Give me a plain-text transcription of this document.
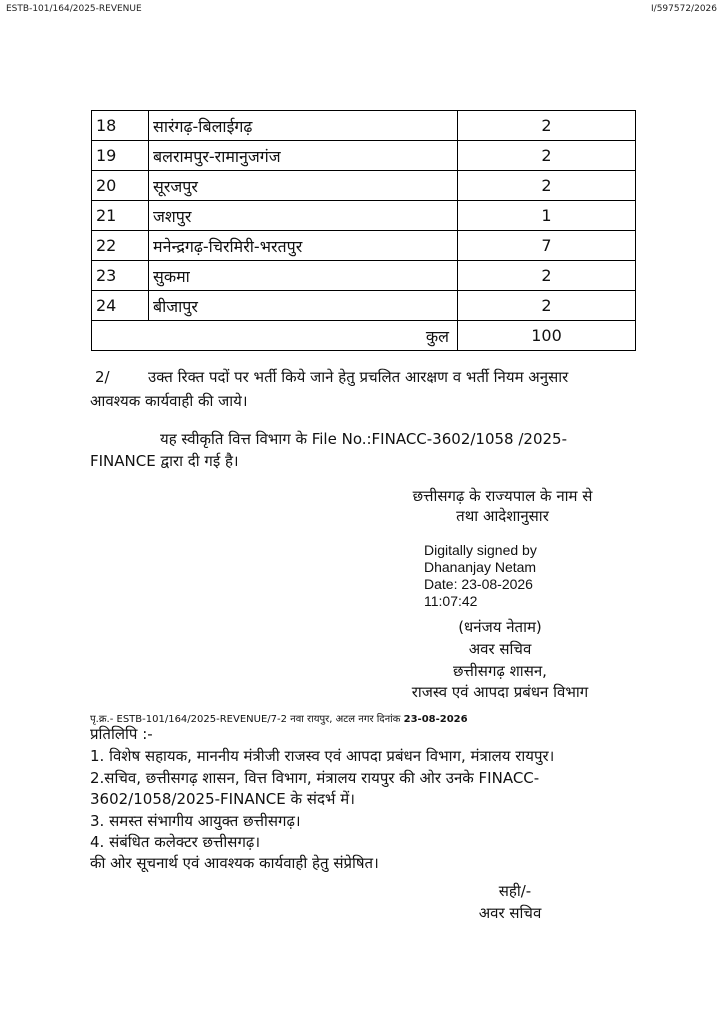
ESTB-101/164/2025-REVENUE	I/597572/2026
18	सारंगढ़-बिलाईगढ़	2
19	बलरामपुर-रामानुजगंज	2
20	सूरजपुर	2
21	जशपुर	1
22	मनेन्द्रगढ़-चिरमिरी-भरतपुर	7
23	सुकमा	2
24	बीजापुर	2
कुल		100
2/	उक्त रिक्त पदों पर भर्ती किये जाने हेतु प्रचलित आरक्षण व भर्ती नियम अनुसार
आवश्यक कार्यवाही की जाये।
यह स्वीकृति वित्त विभाग के File No.:FINACC-3602/1058 /2025-
FINANCE द्वारा दी गई है।
छत्तीसगढ़ के राज्यपाल के नाम से
तथा आदेशानुसार
Digitally signed by
Dhananjay Netam
Date: 23-08-2026
11:07:42
(धनंजय नेताम)
अवर सचिव
छत्तीसगढ़ शासन,
राजस्व एवं आपदा प्रबंधन विभाग
पृ.क्र.- ESTB-101/164/2025-REVENUE/7-2 नवा रायपुर, अटल नगर दिनांक 23-08-2026
प्रतिलिपि :-
1. विशेष सहायक, माननीय मंत्रीजी राजस्व एवं आपदा प्रबंधन विभाग, मंत्रालय रायपुर।
2.सचिव, छत्तीसगढ़ शासन, वित्त विभाग, मंत्रालय रायपुर की ओर उनके FINACC-
3602/1058/2025-FINANCE के संदर्भ में।
3. समस्त संभागीय आयुक्त छत्तीसगढ़।
4. संबंधित कलेक्टर छत्तीसगढ़।
की ओर सूचनार्थ एवं आवश्यक कार्यवाही हेतु संप्रेषित।
सही/-
अवर सचिव
